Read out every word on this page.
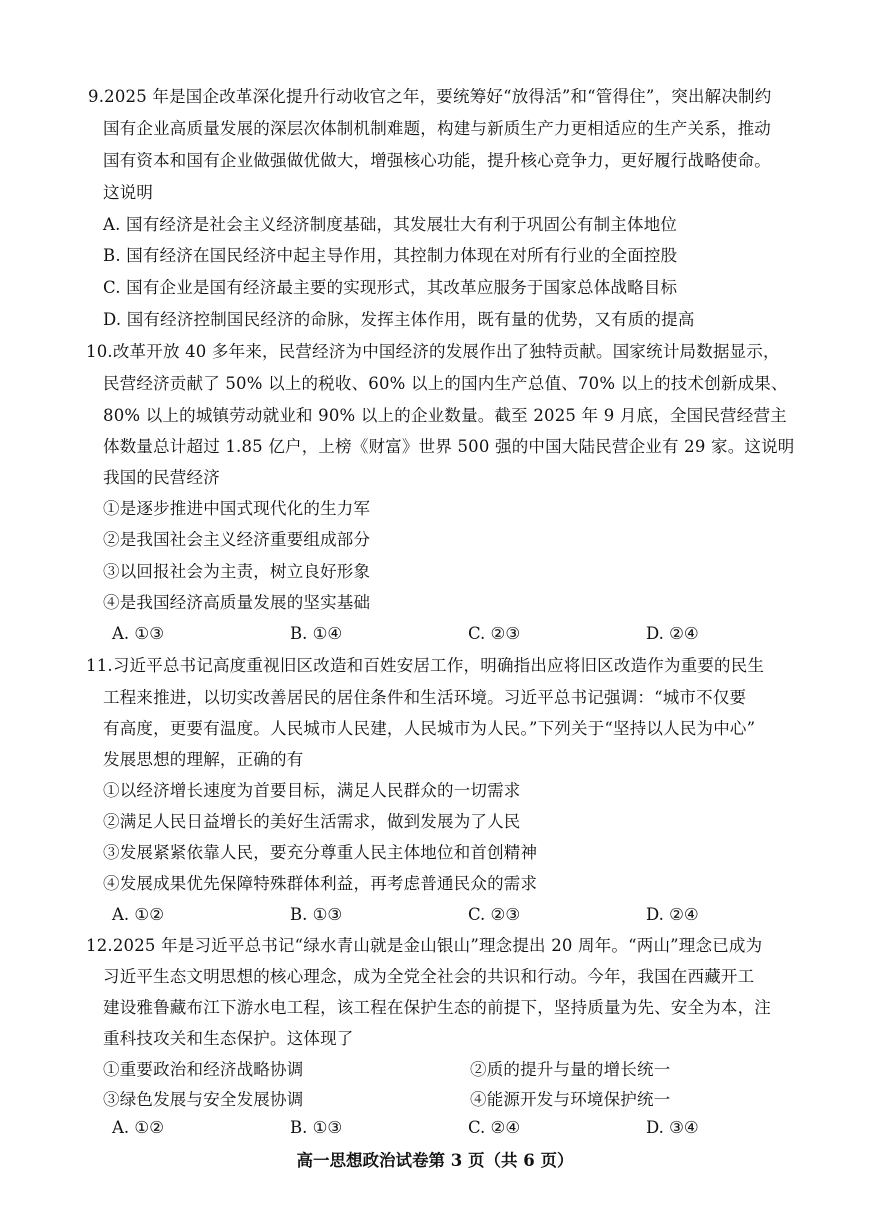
9.2025 年是国企改革深化提升行动收官之年，要统筹好“放得活”和“管得住”，突出解决制约
国有企业高质量发展的深层次体制机制难题，构建与新质生产力更相适应的生产关系，推动
国有资本和国有企业做强做优做大，增强核心功能，提升核心竞争力，更好履行战略使命。
这说明
A. 国有经济是社会主义经济制度基础，其发展壮大有利于巩固公有制主体地位
B. 国有经济在国民经济中起主导作用，其控制力体现在对所有行业的全面控股
C. 国有企业是国有经济最主要的实现形式，其改革应服务于国家总体战略目标
D. 国有经济控制国民经济的命脉，发挥主体作用，既有量的优势，又有质的提高
10.改革开放 40 多年来，民营经济为中国经济的发展作出了独特贡献。国家统计局数据显示，
民营经济贡献了 50% 以上的税收、60% 以上的国内生产总值、70% 以上的技术创新成果、
80% 以上的城镇劳动就业和 90% 以上的企业数量。截至 2025 年 9 月底，全国民营经营主
体数量总计超过 1.85 亿户，上榜《财富》世界 500 强的中国大陆民营企业有 29 家。这说明
我国的民营经济
①是逐步推进中国式现代化的生力军
②是我国社会主义经济重要组成部分
③以回报社会为主责，树立良好形象
④是我国经济高质量发展的坚实基础
A. ①③	B. ①④	C. ②③	D. ②④
11.习近平总书记高度重视旧区改造和百姓安居工作，明确指出应将旧区改造作为重要的民生
工程来推进，以切实改善居民的居住条件和生活环境。习近平总书记强调：“城市不仅要
有高度，更要有温度。人民城市人民建，人民城市为人民。”下列关于“坚持以人民为中心”
发展思想的理解，正确的有
①以经济增长速度为首要目标，满足人民群众的一切需求
②满足人民日益增长的美好生活需求，做到发展为了人民
③发展紧紧依靠人民，要充分尊重人民主体地位和首创精神
④发展成果优先保障特殊群体利益，再考虑普通民众的需求
A. ①②	B. ①③	C. ②③	D. ②④
12.2025 年是习近平总书记“绿水青山就是金山银山”理念提出 20 周年。“两山”理念已成为
习近平生态文明思想的核心理念，成为全党全社会的共识和行动。今年，我国在西藏开工
建设雅鲁藏布江下游水电工程，该工程在保护生态的前提下，坚持质量为先、安全为本，注
重科技攻关和生态保护。这体现了
①重要政治和经济战略协调	②质的提升与量的增长统一
③绿色发展与安全发展协调	④能源开发与环境保护统一
A. ①②	B. ①③	C. ②④	D. ③④
高一思想政治试卷第 3 页（共 6 页）
